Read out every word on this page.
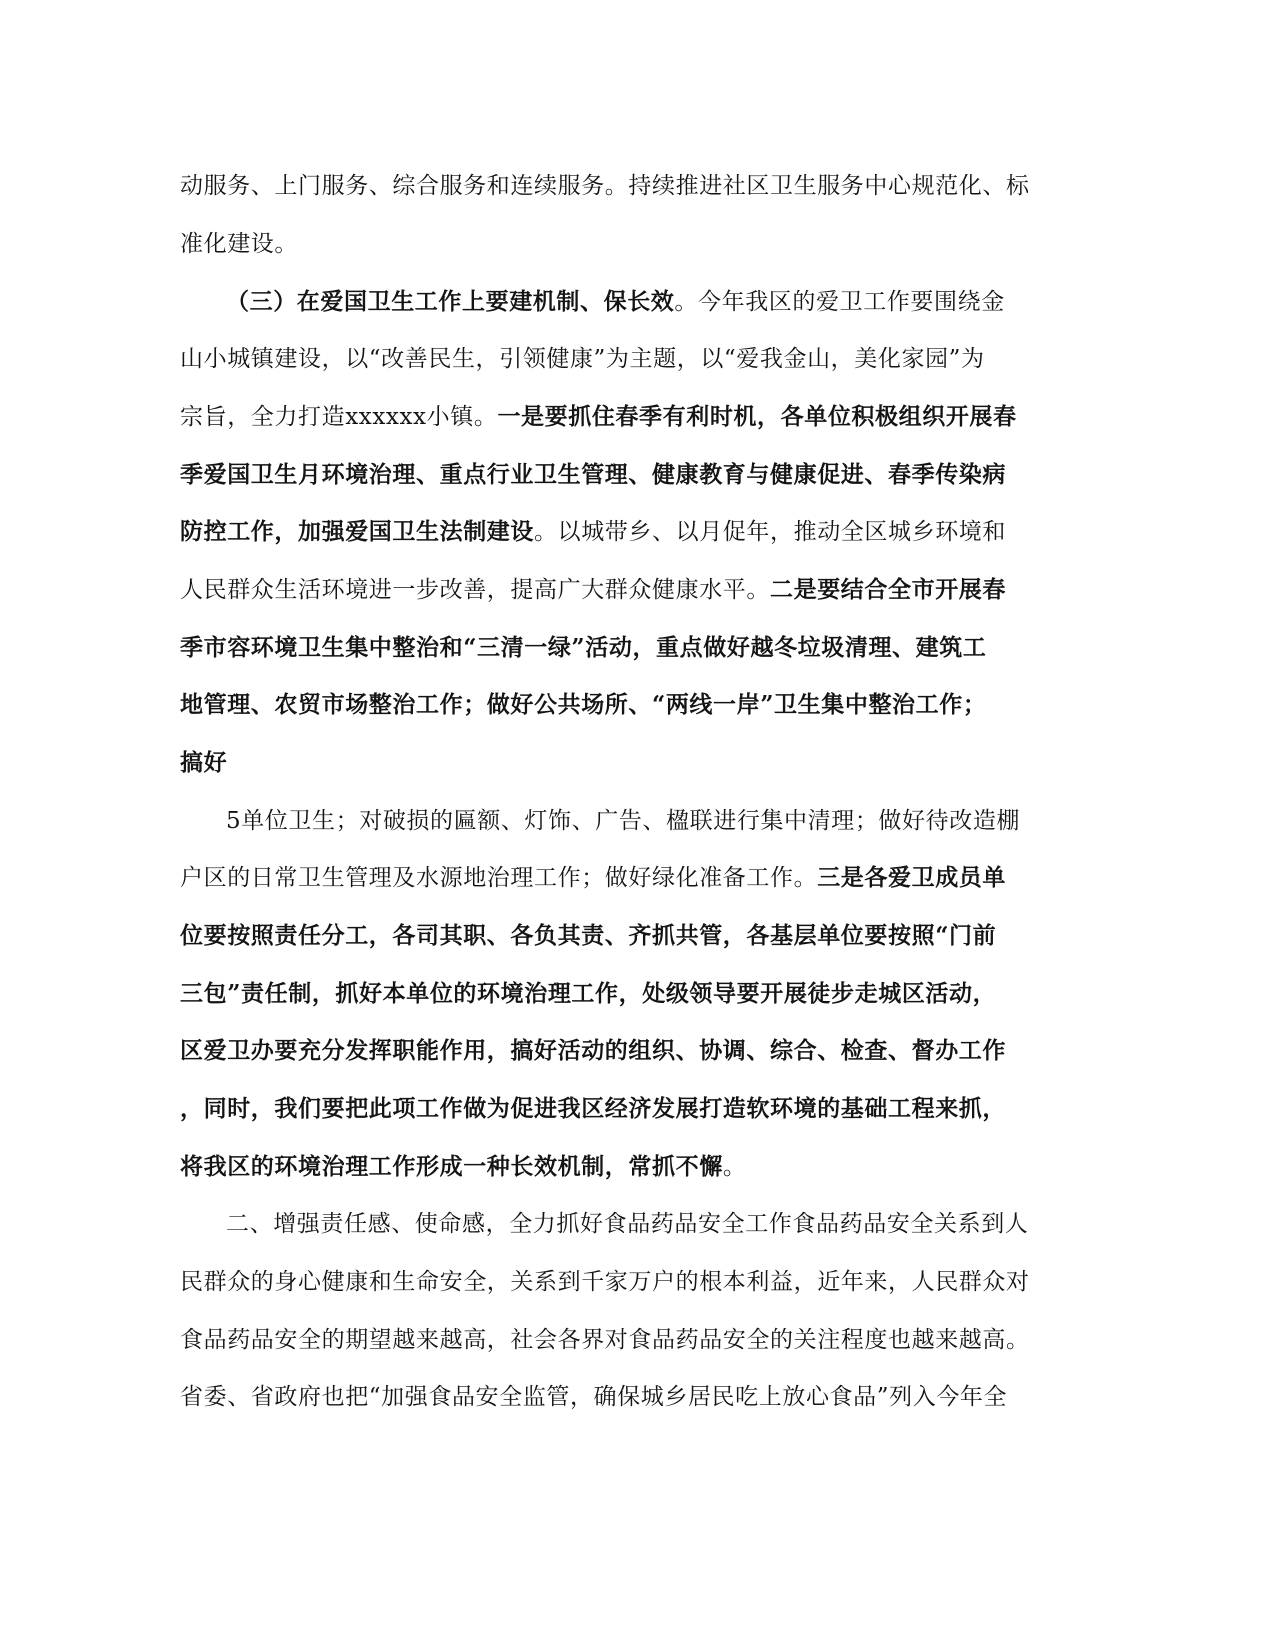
动服务、上门服务、综合服务和连续服务。持续推进社区卫生服务中心规范化、标
准化建设。
（三）在爱国卫生工作上要建机制、保长效。今年我区的爱卫工作要围绕金
山小城镇建设，以“改善民生，引领健康”为主题，以“爱我金山，美化家园”为
宗旨，全力打造xxxxxx小镇。一是要抓住春季有利时机，各单位积极组织开展春
季爱国卫生月环境治理、重点行业卫生管理、健康教育与健康促进、春季传染病
防控工作，加强爱国卫生法制建设。以城带乡、以月促年，推动全区城乡环境和
人民群众生活环境进一步改善，提高广大群众健康水平。二是要结合全市开展春
季市容环境卫生集中整治和“三清一绿”活动，重点做好越冬垃圾清理、建筑工
地管理、农贸市场整治工作；做好公共场所、“两线一岸”卫生集中整治工作；
搞好
5单位卫生；对破损的匾额、灯饰、广告、楹联进行集中清理；做好待改造棚
户区的日常卫生管理及水源地治理工作；做好绿化准备工作。三是各爱卫成员单
位要按照责任分工，各司其职、各负其责、齐抓共管，各基层单位要按照“门前
三包”责任制，抓好本单位的环境治理工作，处级领导要开展徒步走城区活动，
区爱卫办要充分发挥职能作用，搞好活动的组织、协调、综合、检查、督办工作
，同时，我们要把此项工作做为促进我区经济发展打造软环境的基础工程来抓，
将我区的环境治理工作形成一种长效机制，常抓不懈。
二、增强责任感、使命感，全力抓好食品药品安全工作食品药品安全关系到人
民群众的身心健康和生命安全，关系到千家万户的根本利益，近年来，人民群众对
食品药品安全的期望越来越高，社会各界对食品药品安全的关注程度也越来越高。
省委、省政府也把“加强食品安全监管，确保城乡居民吃上放心食品”列入今年全
